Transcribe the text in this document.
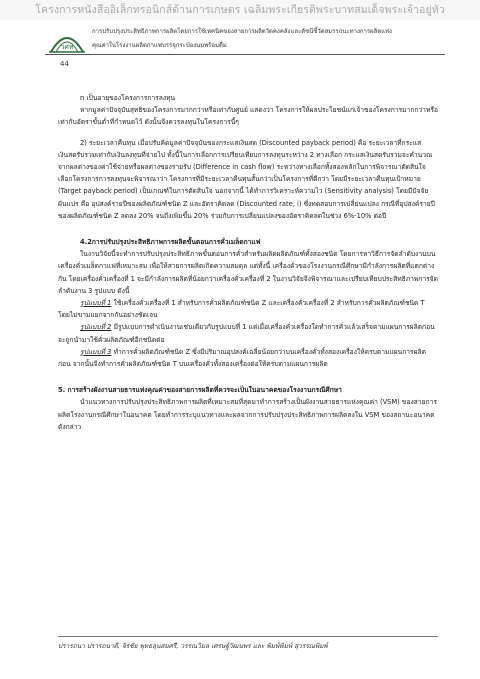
โครงการหนังสืออิเล็กทรอนิกส์ด้านการเกษตร เฉลิมพระเกียรติพระบาทสมเด็จพระเจ้าอยู่หัว
วศท
การปรับปรุงประสิทธิภาพการผลิตโดยการใช้เทคนิคของสายการผลิตวัดคงคลังและดัชนีชี้วัดสมรรถนะทางการผลิตแห่ง
คุณค่าในโรงงานผลิตกาแฟบรรจุกระป๋องนมพร้อมดื่ม
44

n เป็นอายุของโครงการการลงทุน

หากมูลค่าปัจจุบันสุทธิของโครงการมากกว่าหรือเท่ากับศูนย์ แสดงว่า โครงการให้ผลประโยชน์แก่เจ้าของโครงการมากกว่าหรือเท่ากับอัตราขั้นต่ำที่กำหนดไว้ ดังนั้นจึงควรลงทุนในโครงการนี้ๆ

2) ระยะเวลาคืนทุน เมื่อปรับคิดมูลค่าปัจจุบันของกระแสเงินสด (Discounted payback period) คือ ระยะเวลาที่กระแสเงินสดรับรวมเท่ากับเงินลงทุนที่จ่ายไป ทั้งนี้ในการเลือกการเปรียบเทียบการลงทุนระหว่าง 2 ทางเลือก กระแสเงินสดรับรวมจะคำนวณจากผลต่างของค่าใช้จ่ายหรือผลต่างของรายรับ (Difference in cash flow) ระหว่างทางเลือกทั้งสองหลักในการพิจารณาตัดสินใจเลือกโครงการการลงทุนจะพิจารณาว่า โครงการที่มีระยะเวลาคืนทุนสั้นกว่าเป็นโครงการที่ดีกว่า โดยมีระยะเวลาคืนทุนเป้าหมาย (Target payback period) เป็นเกณฑ์ในการตัดสินใจ นอกจากนี้ ได้ทำการวิเคราะห์ความไว (Sensitivity analysis) โดยมีปัจจัยผันแปร คือ อุปสงค์รายปีของผลิตภัณฑ์ชนิด Z และอัตราคิดลด (Discounted rate, i) ซึ่งทดสอบการเปลี่ยนแปลง กรณีที่อุปสงค์รายปีของผลิตภัณฑ์ชนิด Z ลดลง 20% จนถึงเพิ่มขึ้น 20% ร่วมกับการเปลี่ยนแปลงของอัตราคิดลดในช่วง 6%-10% ต่อปี

4.2การปรับปรุงประสิทธิภาพการผลิตขั้นตอนการคั่วเมล็ดกาแฟ

ในงานวิจัยนี้จะทำการปรับปรุงประสิทธิภาพขั้นตอนการคั่วสำหรับผลิตผลิตภัณฑ์ทั้งสองชนิด โดยการหาวิธีการจัดลำดับงานบนเครื่องคั่วเมล็ดกาแฟที่เหมาะสม เพื่อให้สายการผลิตเกิดความสมดุล แต่ทั้งนี้ เครื่องคั่วของโรงงานกรณีศึกษามีกำลังการผลิตที่แตกต่างกัน โดยเครื่องคั่วเครื่องที่ 1 จะมีกำลังการผลิตที่น้อยกว่าเครื่องคั่วเครื่องที่ 2 ในงานวิจัยจึงพิจารณาและเปรียบเทียบประสิทธิภาพการจัดลำดับงาน 3 รูปแบบ ดังนี้

รูปแบบที่ 1 ใช้เครื่องคั่วเครื่องที่ 1 สำหรับการคั่วผลิตภัณฑ์ชนิด Z และเครื่องคั่วเครื่องที่ 2 สำหรับการคั่วผลิตภัณฑ์ชนิด T โดยไม่ขามแยกจากกันอย่างชัดเจน

รูปแบบที่ 2 มีรูปแบบการดำเนินงานเช่นเดียวกับรูปแบบที่ 1 แต่เมื่อเครื่องคั่วเครื่องใดทำการคั่วแล้วเสร็จตามแผนการผลิตก่อนจะถูกนำมาใช้คั่วผลิตภัณฑ์อีกชนิดต่อ

รูปแบบที่ 3 ทำการคั่วผลิตภัณฑ์ชนิด Z ซึ่งมีปริมาณอุปสงค์เฉลี่ยน้อยกว่าบนเครื่องคั่วทั้งสองเครื่องให้ครบตามแผนการผลิตก่อน จากนั้นจึงทำการคั่วผลิตภัณฑ์ชนิด T บนเครื่องคั่วทั้งสองเครื่องต่อให้ครบตามแผนการผลิต

5. การสร้างผังงานสายธารแห่งคุณค่าของสายการผลิตที่ควรจะเป็นในอนาคตของโรงงานกรณีศึกษา

นำแนวทางการปรับปรุงประสิทธิภาพการผลิตที่เหมาะสมที่สุดมาทำการสร้างเป็นผังงานสายธารแห่งคุณค่า (VSM) ของสายการผลิตโรงงานกรณีศึกษาในอนาคต โดยทำการระบุแนวทางและผลจากการปรับปรุงประสิทธิภาพการผลิตลงใน VSM ของสถานะอนาคตดังกล่าว

ปรารถนา ปรารถนาดี, จิรชัย พุทธลุนสมศรี, วรรณวิมล เศรษฐ์วัฒนพร และ พิมพ์พิมพ์ สุวรรณพิมพ์
